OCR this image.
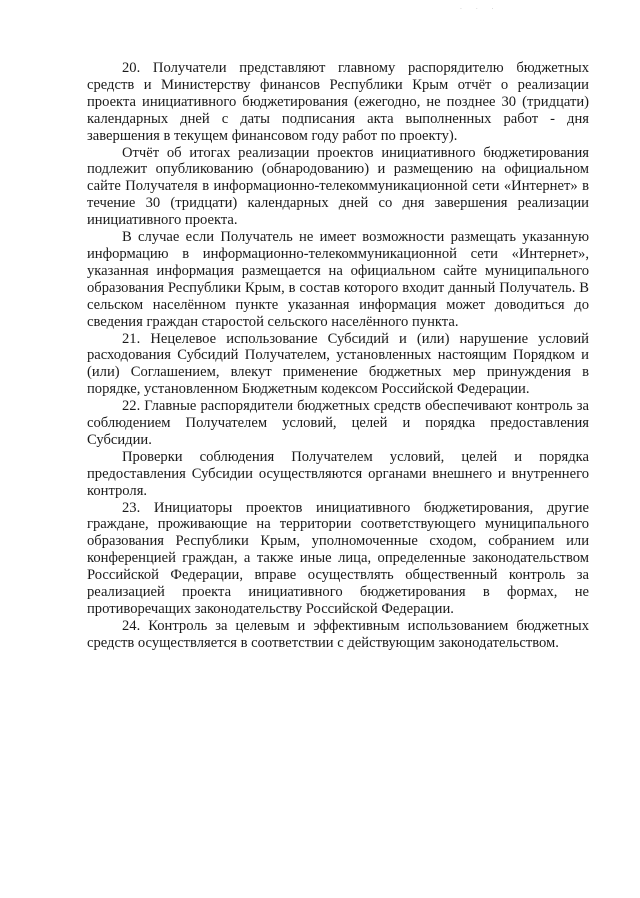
· · ·

20. Получатели представляют главному распорядителю бюджетных средств и Министерству финансов Республики Крым отчёт о реализации проекта инициативного бюджетирования (ежегодно, не позднее 30 (тридцати) календарных дней с даты подписания акта выполненных работ - дня завершения в текущем финансовом году работ по проекту).

Отчёт об итогах реализации проектов инициативного бюджетирования подлежит опубликованию (обнародованию) и размещению на официальном сайте Получателя в информационно-телекоммуникационной сети «Интернет» в течение 30 (тридцати) календарных дней со дня завершения реализации инициативного проекта.

В случае если Получатель не имеет возможности размещать указанную информацию в информационно-телекоммуникационной сети «Интернет», указанная информация размещается на официальном сайте муниципального образования Республики Крым, в состав которого входит данный Получатель. В сельском населённом пункте указанная информация может доводиться до сведения граждан старостой сельского населённого пункта.

21. Нецелевое использование Субсидий и (или) нарушение условий расходования Субсидий Получателем, установленных настоящим Порядком и (или) Соглашением, влекут применение бюджетных мер принуждения в порядке, установленном Бюджетным кодексом Российской Федерации.

22. Главные распорядители бюджетных средств обеспечивают контроль за соблюдением Получателем условий, целей и порядка предоставления Субсидии.

Проверки соблюдения Получателем условий, целей и порядка предоставления Субсидии осуществляются органами внешнего и внутреннего контроля.

23. Инициаторы проектов инициативного бюджетирования, другие граждане, проживающие на территории соответствующего муниципального образования Республики Крым, уполномоченные сходом, собранием или конференцией граждан, а также иные лица, определенные законодательством Российской Федерации, вправе осуществлять общественный контроль за реализацией проекта инициативного бюджетирования в формах, не противоречащих законодательству Российской Федерации.

24. Контроль за целевым и эффективным использованием бюджетных средств осуществляется в соответствии с действующим законодательством.
